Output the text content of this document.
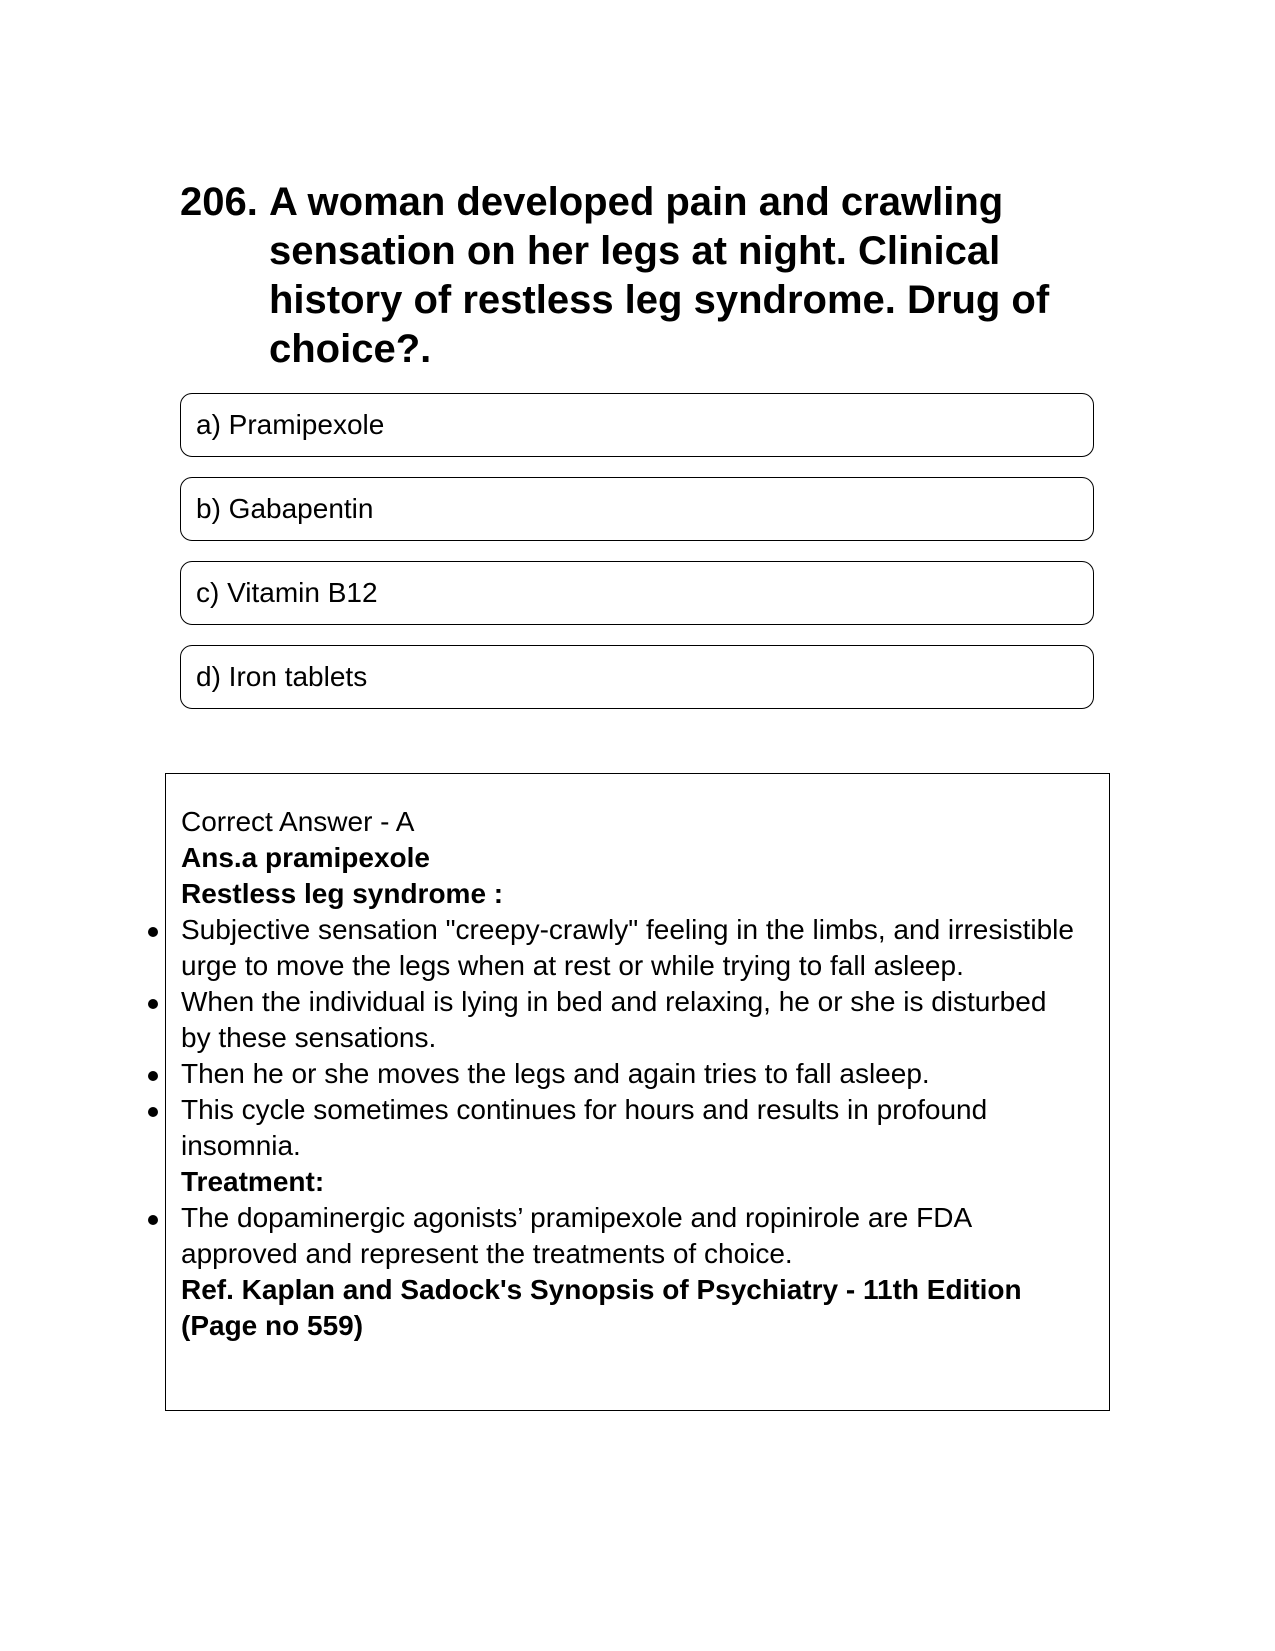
206. A woman developed pain and crawling sensation on her legs at night. Clinical history of restless leg syndrome. Drug of choice?.
a) Pramipexole
b) Gabapentin
c) Vitamin B12
d) Iron tablets
Correct Answer - A
Ans.a pramipexole
Restless leg syndrome :
Subjective sensation "creepy-crawly" feeling in the limbs, and irresistible urge to move the legs when at rest or while trying to fall asleep.
When the individual is lying in bed and relaxing, he or she is disturbed by these sensations.
Then he or she moves the legs and again tries to fall asleep.
This cycle sometimes continues for hours and results in profound insomnia.
Treatment:
The dopaminergic agonists’ pramipexole and ropinirole are FDA approved and represent the treatments of choice.
Ref. Kaplan and Sadock's Synopsis of Psychiatry - 11th Edition (Page no 559)
